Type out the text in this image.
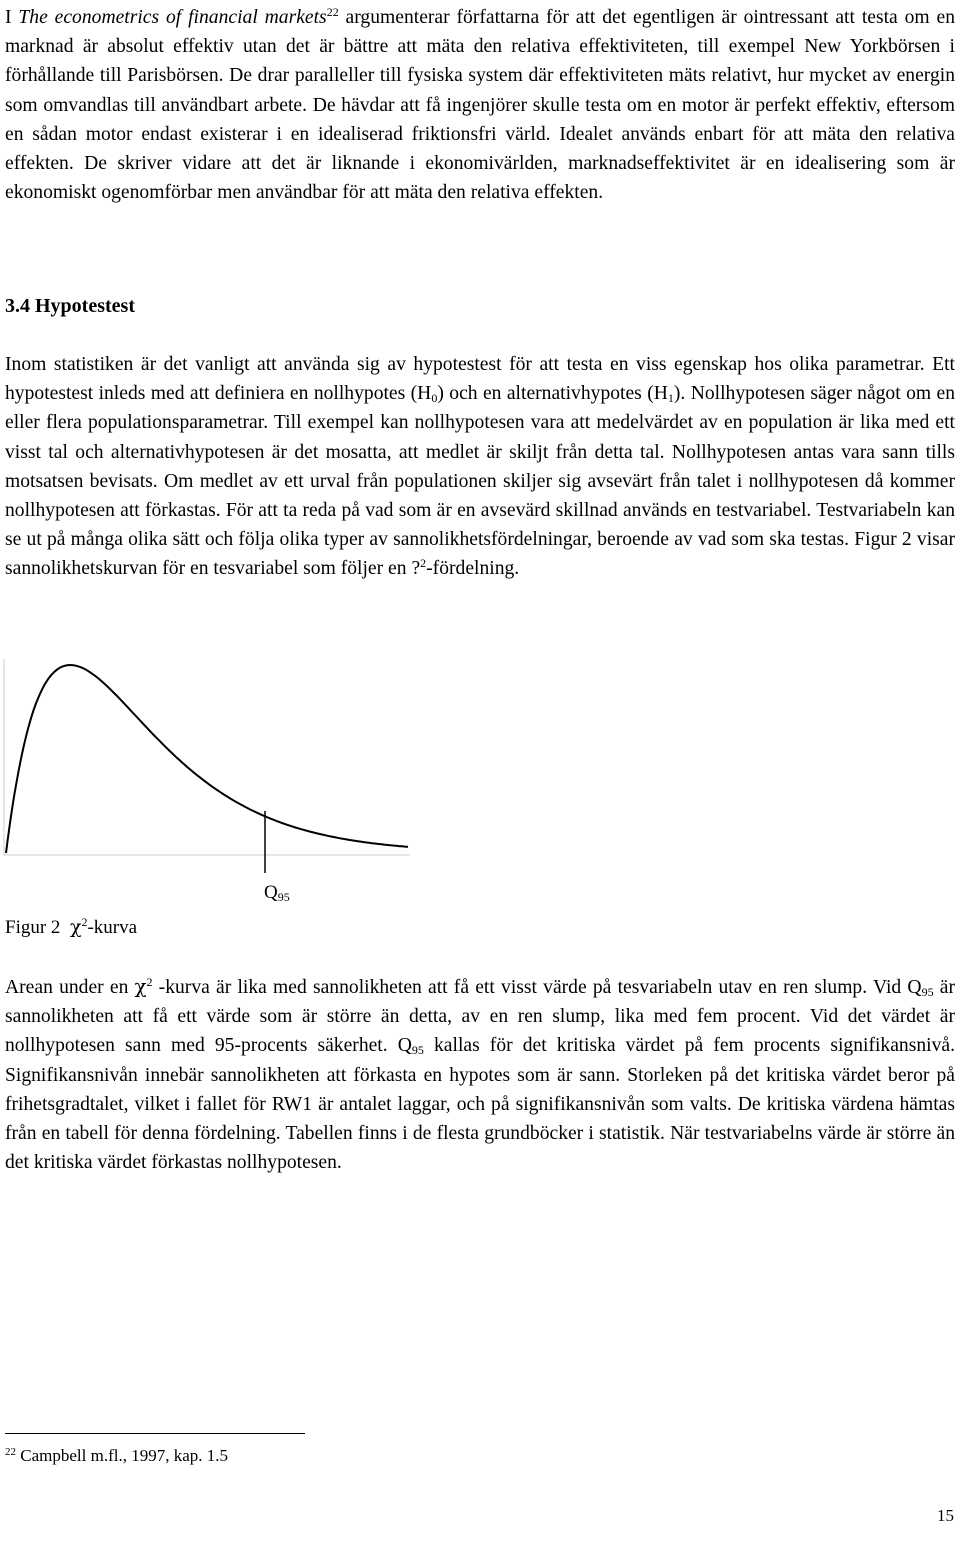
I The econometrics of financial markets$^{22}$ argumenterar författarna för att det egentligen är ointressant att testa om en marknad är absolut effektiv utan det är bättre att mäta den relativa effektiviteten, till exempel New Yorkbörsen i förhållande till Parisbörsen. De drar paralleller till fysiska system där effektiviteten mäts relativt, hur mycket av energin som omvandlas till användbart arbete. De hävdar att få ingenjörer skulle testa om en motor är perfekt effektiv, eftersom en sådan motor endast existerar i en idealiserad friktionsfri värld. Idealet används enbart för att mäta den relativa effekten. De skriver vidare att det är liknande i ekonomivärlden, marknadseffektivitet är en idealisering som är ekonomiskt ogenomförbar men användbar för att mäta den relativa effekten.

3.4 Hypotestest

Inom statistiken är det vanligt att använda sig av hypotestest för att testa en viss egenskap hos olika parametrar. Ett hypotestest inleds med att definiera en nollhypotes $(H_0)$ och en alternativhypotes $(H_1)$. Nollhypotesen säger något om en eller flera populationsparametrar. Till exempel kan nollhypotesen vara att medelvärdet av en population är lika med ett visst tal och alternativhypotesen är det mosatta, att medlet är skiljt från detta tal. Nollhypotesen antas vara sann tills motsatsen bevisats. Om medlet av ett urval från populationen skiljer sig avsevärt från talet i nollhypotesen då kommer nollhypotesen att förkastas. För att ta reda på vad som är en avsevärd skillnad används en testvariabel. Testvariabeln kan se ut på många olika sätt och följa olika typer av sannolikhetsfördelningar, beroende av vad som ska testas. Figur 2 visar sannolikhetskurvan för en tesvariabel som följer en ?$^2$-fördelning.

$Q_{95}$
Figur 2  $\chi^2$-kurva

Arean under en $\chi^2$ -kurva är lika med sannolikheten att få ett visst värde på tesvariabeln utav en ren slump. Vid $Q_{95}$ är sannolikheten att få ett värde som är större än detta, av en ren slump, lika med fem procent. Vid det värdet är nollhypotesen sann med 95-procents säkerhet. $Q_{95}$ kallas för det kritiska värdet på fem procents signifikansnivå. Signifikansnivån innebär sannolikheten att förkasta en hypotes som är sann. Storleken på det kritiska värdet beror på frihetsgradtalet, vilket i fallet för RW1 är antalet laggar, och på signifikansnivån som valts. De kritiska värdena hämtas från en tabell för denna fördelning. Tabellen finns i de flesta grundböcker i statistik. När testvariabelns värde är större än det kritiska värdet förkastas nollhypotesen.

$^{22}$ Campbell m.fl., 1997, kap. 1.5
15
